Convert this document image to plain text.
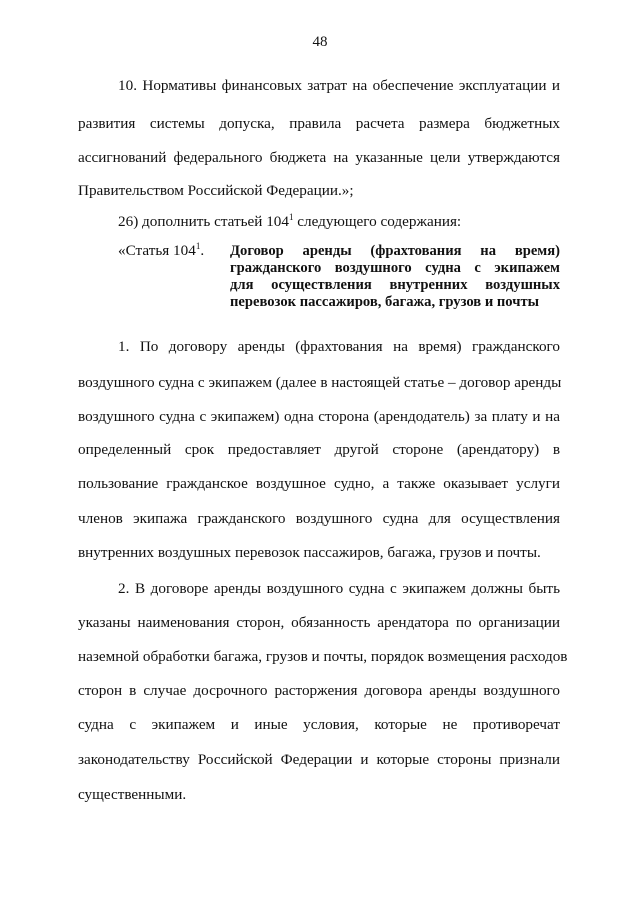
48
10. Нормативы финансовых затрат на обеспечение эксплуатации и
развития системы допуска, правила расчета размера бюджетных
ассигнований федерального бюджета на указанные цели утверждаются
Правительством Российской Федерации.»;
26) дополнить статьей $104^1$ следующего содержания:
«Статья $104^1$. Договор аренды (фрахтования на время)
гражданского воздушного судна с экипажем
для осуществления внутренних воздушных
перевозок пассажиров, багажа, грузов и почты
1. По договору аренды (фрахтования на время) гражданского
воздушного судна с экипажем (далее в настоящей статье – договор аренды
воздушного судна с экипажем) одна сторона (арендодатель) за плату и на
определенный срок предоставляет другой стороне (арендатору) в
пользование гражданское воздушное судно, а также оказывает услуги
членов экипажа гражданского воздушного судна для осуществления
внутренних воздушных перевозок пассажиров, багажа, грузов и почты.
2. В договоре аренды воздушного судна с экипажем должны быть
указаны наименования сторон, обязанность арендатора по организации
наземной обработки багажа, грузов и почты, порядок возмещения расходов
сторон в случае досрочного расторжения договора аренды воздушного
судна с экипажем и иные условия, которые не противоречат
законодательству Российской Федерации и которые стороны признали
существенными.
